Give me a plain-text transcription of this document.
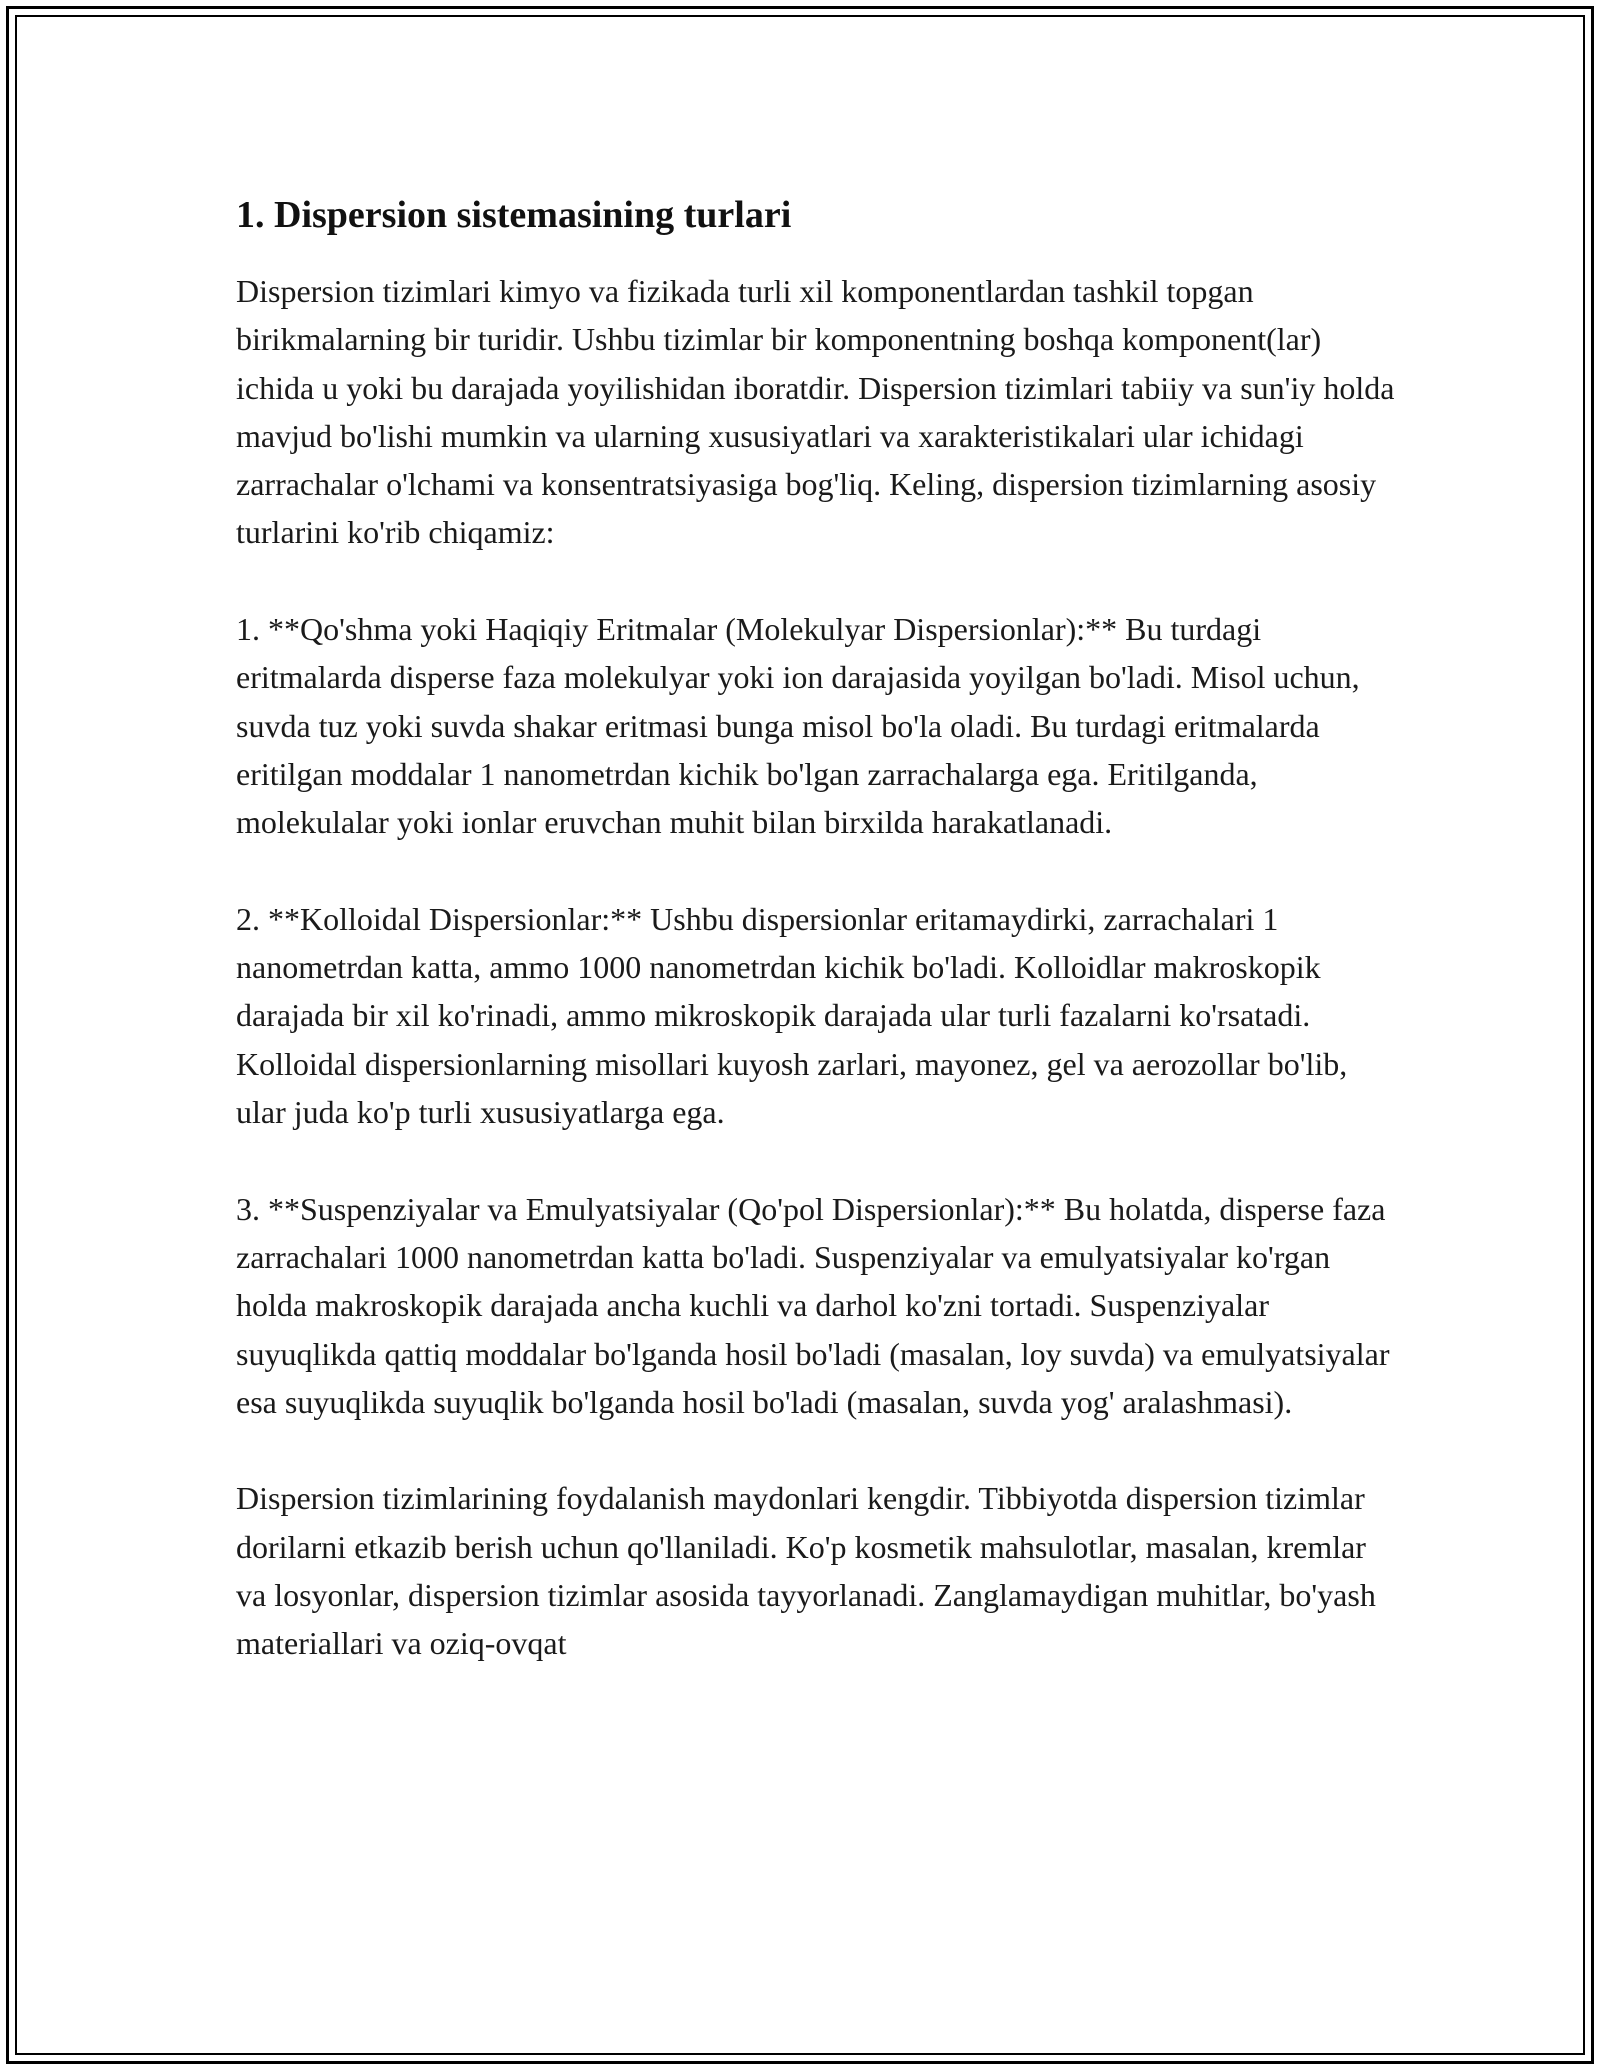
1. Dispersion sistemasining turlari

Dispersion tizimlari kimyo va fizikada turli xil komponentlardan tashkil topgan birikmalarning bir turidir. Ushbu tizimlar bir komponentning boshqa komponent(lar) ichida u yoki bu darajada yoyilishidan iboratdir. Dispersion tizimlari tabiiy va sun'iy holda mavjud bo'lishi mumkin va ularning xususiyatlari va xarakteristikalari ular ichidagi zarrachalar o'lchami va konsentratsiyasiga bog'liq. Keling, dispersion tizimlarning asosiy turlarini ko'rib chiqamiz:

1. **Qo'shma yoki Haqiqiy Eritmalar (Molekulyar Dispersionlar):** Bu turdagi eritmalarda disperse faza molekulyar yoki ion darajasida yoyilgan bo'ladi. Misol uchun, suvda tuz yoki suvda shakar eritmasi bunga misol bo'la oladi. Bu turdagi eritmalarda eritilgan moddalar 1 nanometrdan kichik bo'lgan zarrachalarga ega. Eritilganda, molekulalar yoki ionlar eruvchan muhit bilan birxilda harakatlanadi.

2. **Kolloidal Dispersionlar:** Ushbu dispersionlar eritamaydirki, zarrachalari 1 nanometrdan katta, ammo 1000 nanometrdan kichik bo'ladi. Kolloidlar makroskopik darajada bir xil ko'rinadi, ammo mikroskopik darajada ular turli fazalarni ko'rsatadi. Kolloidal dispersionlarning misollari kuyosh zarlari, mayonez, gel va aerozollar bo'lib, ular juda ko'p turli xususiyatlarga ega.

3. **Suspenziyalar va Emulyatsiyalar (Qo'pol Dispersionlar):** Bu holatda, disperse faza zarrachalari 1000 nanometrdan katta bo'ladi. Suspenziyalar va emulyatsiyalar ko'rgan holda makroskopik darajada ancha kuchli va darhol ko'zni tortadi. Suspenziyalar suyuqlikda qattiq moddalar bo'lganda hosil bo'ladi (masalan, loy suvda) va emulyatsiyalar esa suyuqlikda suyuqlik bo'lganda hosil bo'ladi (masalan, suvda yog' aralashmasi).

Dispersion tizimlarining foydalanish maydonlari kengdir. Tibbiyotda dispersion tizimlar dorilarni etkazib berish uchun qo'llaniladi. Ko'p kosmetik mahsulotlar, masalan, kremlar va losyonlar, dispersion tizimlar asosida tayyorlanadi. Zanglamaydigan muhitlar, bo'yash materiallari va oziq-ovqat
